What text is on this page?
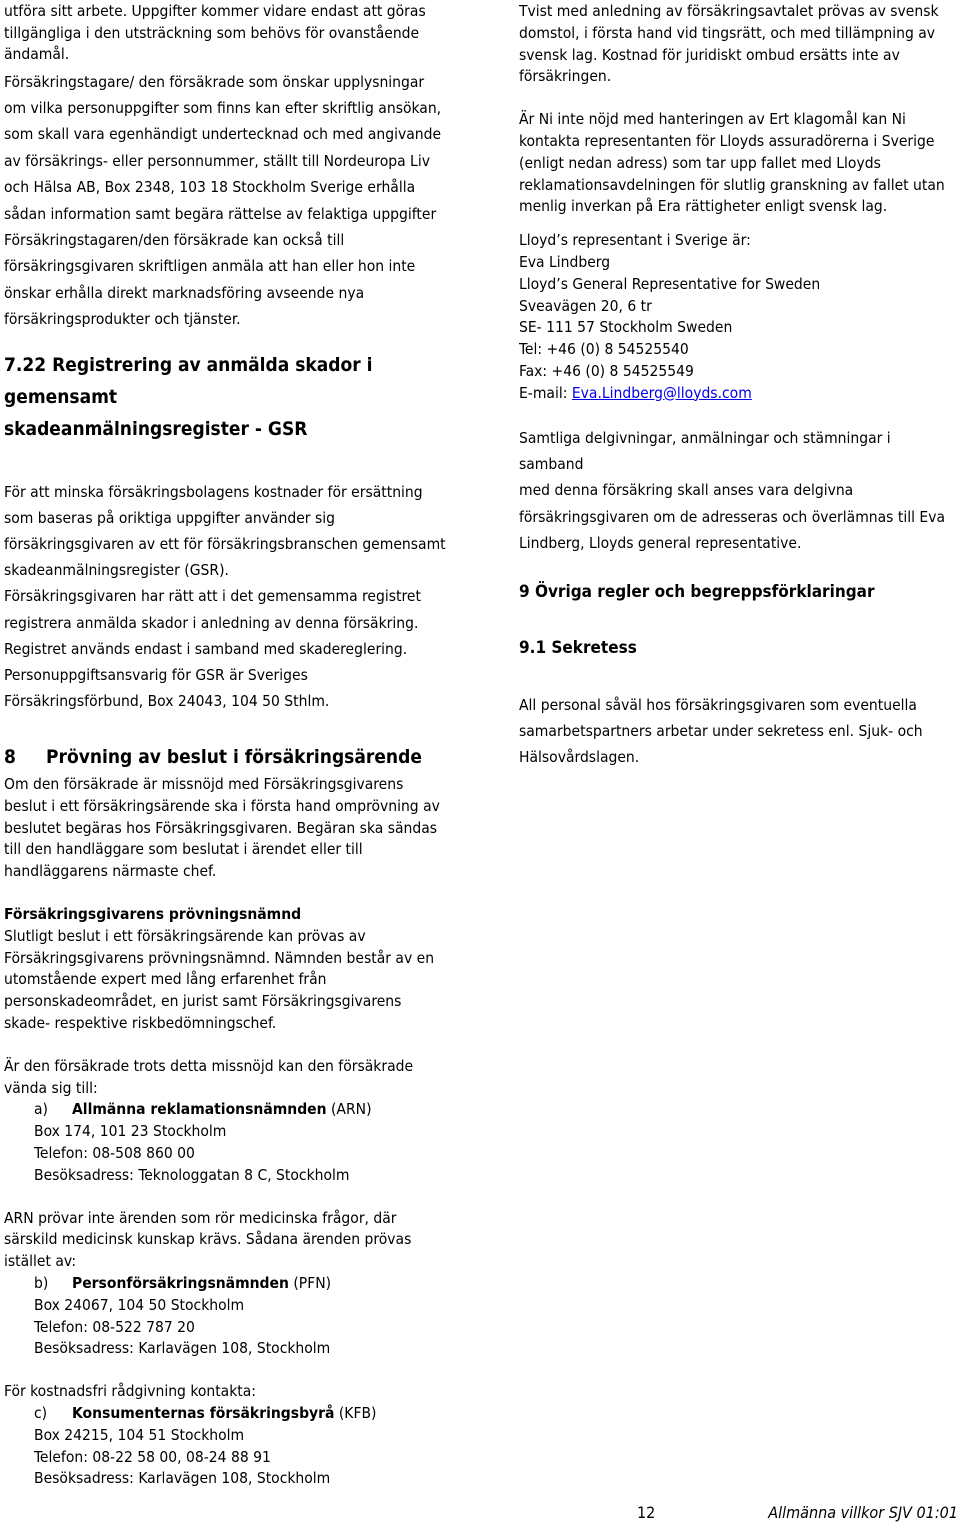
utföra sitt arbete. Uppgifter kommer vidare endast att göras
tillgängliga i den utsträckning som behövs för ovanstående
ändamål.
Försäkringstagare/ den försäkrade som önskar upplysningar
om vilka personuppgifter som finns kan efter skriftlig ansökan,
som skall vara egenhändigt undertecknad och med angivande
av försäkrings- eller personnummer, ställt till Nordeuropa Liv
och Hälsa AB, Box 2348, 103 18 Stockholm Sverige erhålla
sådan information samt begära rättelse av felaktiga uppgifter
Försäkringstagaren/den försäkrade kan också till
försäkringsgivaren skriftligen anmäla att han eller hon inte
önskar erhålla direkt marknadsföring avseende nya
försäkringsprodukter och tjänster.
7.22 Registrering av anmälda skador i gemensamt
skadeanmälningsregister - GSR
För att minska försäkringsbolagens kostnader för ersättning
som baseras på oriktiga uppgifter använder sig
försäkringsgivaren av ett för försäkringsbranschen gemensamt
skadeanmälningsregister (GSR).
Försäkringsgivaren har rätt att i det gemensamma registret
registrera anmälda skador i anledning av denna försäkring.
Registret används endast i samband med skadereglering.
Personuppgiftsansvarig för GSR är Sveriges
Försäkringsförbund, Box 24043, 104 50 Sthlm.
8 Prövning av beslut i försäkringsärende
Tvist med anledning av försäkringsavtalet prövas av svensk
domstol, i första hand vid tingsrätt, och med tillämpning av
svensk lag. Kostnad för juridiskt ombud ersätts inte av
försäkringen.
Är Ni inte nöjd med hanteringen av Ert klagomål kan Ni
kontakta representanten för Lloyds assuradörerna i Sverige
(enligt nedan adress) som tar upp fallet med Lloyds
reklamationsavdelningen för slutlig granskning av fallet utan
menlig inverkan på Era rättigheter enligt svensk lag.
Lloyd’s representant i Sverige är:
Eva Lindberg
Lloyd’s General Representative for Sweden
Sveavägen 20, 6 tr
SE- 111 57 Stockholm Sweden
Tel: +46 (0) 8 54525540
Fax: +46 (0) 8 54525549
E-mail: Eva.Lindberg@lloyds.com
Samtliga delgivningar, anmälningar och stämningar i samband
med denna försäkring skall anses vara delgivna
försäkringsgivaren om de adresseras och överlämnas till Eva
Lindberg, Lloyds general representative.
9 Övriga regler och begreppsförklaringar
9.1 Sekretess
All personal såväl hos försäkringsgivaren som eventuella
samarbetspartners arbetar under sekretess enl. Sjuk- och
Hälsovårdslagen.
Om den försäkrade är missnöjd med Försäkringsgivarens
beslut i ett försäkringsärende ska i första hand omprövning av
beslutet begäras hos Försäkringsgivaren. Begäran ska sändas
till den handläggare som beslutat i ärendet eller till
handläggarens närmaste chef.
Försäkringsgivarens prövningsnämnd
Slutligt beslut i ett försäkringsärende kan prövas av
Försäkringsgivarens prövningsnämnd. Nämnden består av en
utomstående expert med lång erfarenhet från
personskadeområdet, en jurist samt Försäkringsgivarens
skade- respektive riskbedömningschef.
Är den försäkrade trots detta missnöjd kan den försäkrade
vända sig till:
a) Allmänna reklamationsnämnden (ARN)
Box 174, 101 23 Stockholm
Telefon: 08-508 860 00
Besöksadress: Teknologgatan 8 C, Stockholm
ARN prövar inte ärenden som rör medicinska frågor, där
särskild medicinsk kunskap krävs. Sådana ärenden prövas
istället av:
b) Personförsäkringsnämnden (PFN)
Box 24067, 104 50 Stockholm
Telefon: 08-522 787 20
Besöksadress: Karlavägen 108, Stockholm
För kostnadsfri rådgivning kontakta:
c) Konsumenternas försäkringsbyrå (KFB)
Box 24215, 104 51 Stockholm
Telefon: 08-22 58 00, 08-24 88 91
Besöksadress: Karlavägen 108, Stockholm
12	Allmänna villkor SJV 01:01
